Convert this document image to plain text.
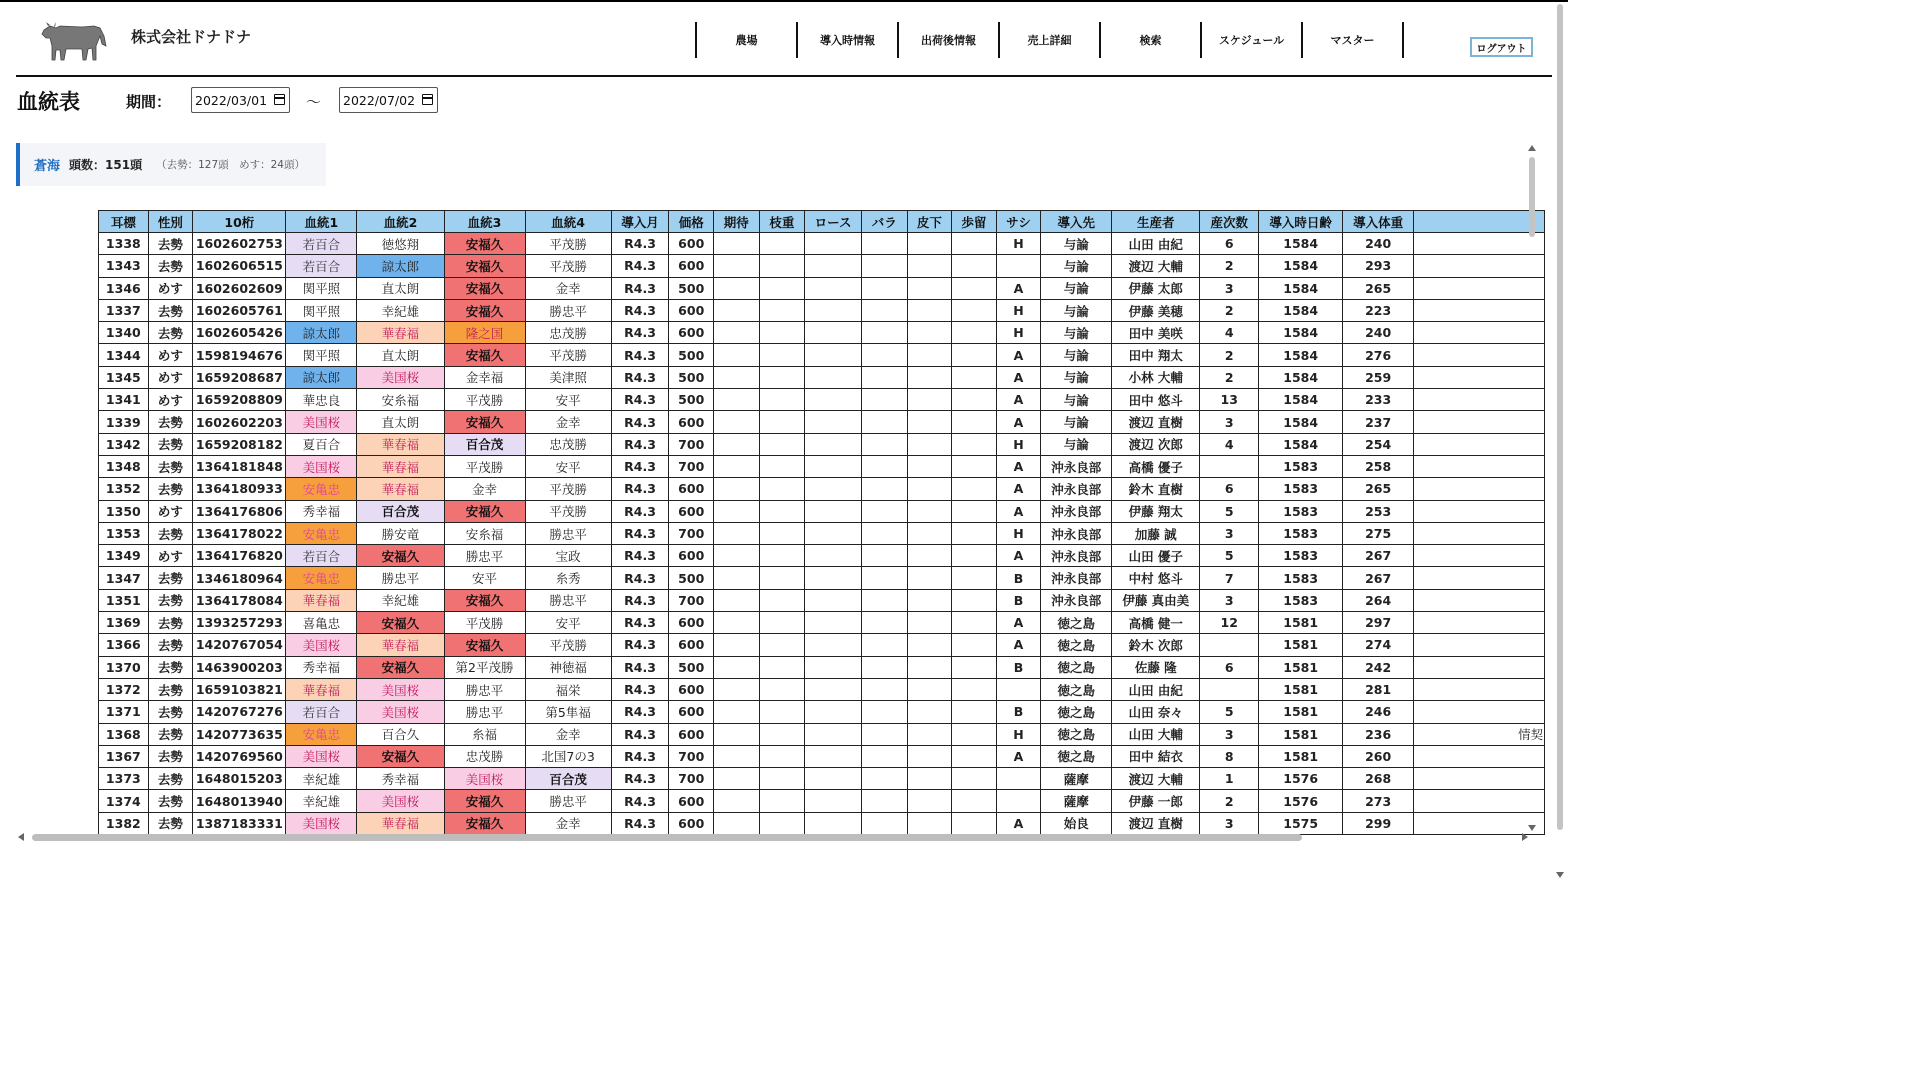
株式会社ドナドナ	農場	導入時情報	出荷後情報	売上詳細	検索	スケジュール	マスター
ログアウト
血統表	期間： 2022/03/01	～ 2022/07/02
蒼海 頭数：151頭 （去勢：127頭　めす：24頭）
耳標	性別	10桁	血統1	血統2	血統3	血統4	導入月	価格	期待	枝重	ロース	バラ	皮下	歩留	サシ	導入先	生産者	産次数	導入時日齢	導入体重	
1338	去勢	1602602753	若百合	徳悠翔	安福久	平茂勝	R4.3	600							H	与論	山田 由紀	6	1584	240	
1343	去勢	1602606515	若百合	諒太郎	安福久	平茂勝	R4.3	600								与論	渡辺 大輔	2	1584	293	
1346	めす	1602602609	関平照	直太朗	安福久	金幸	R4.3	500							A	与論	伊藤 太郎	3	1584	265	
1337	去勢	1602605761	関平照	幸紀雄	安福久	勝忠平	R4.3	600							H	与論	伊藤 美穂	2	1584	223	
1340	去勢	1602605426	諒太郎	華春福	隆之国	忠茂勝	R4.3	600							H	与論	田中 美咲	4	1584	240	
1344	めす	1598194676	関平照	直太朗	安福久	平茂勝	R4.3	500							A	与論	田中 翔太	2	1584	276	
1345	めす	1659208687	諒太郎	美国桜	金幸福	美津照	R4.3	500							A	与論	小林 大輔	2	1584	259	
1341	めす	1659208809	華忠良	安糸福	平茂勝	安平	R4.3	500							A	与論	田中 悠斗	13	1584	233	
1339	去勢	1602602203	美国桜	直太朗	安福久	金幸	R4.3	600							A	与論	渡辺 直樹	3	1584	237	
1342	去勢	1659208182	夏百合	華春福	百合茂	忠茂勝	R4.3	700							H	与論	渡辺 次郎	4	1584	254	
1348	去勢	1364181848	美国桜	華春福	平茂勝	安平	R4.3	700							A	沖永良部	高橋 優子		1583	258	
1352	去勢	1364180933	安亀忠	華春福	金幸	平茂勝	R4.3	600							A	沖永良部	鈴木 直樹	6	1583	265	
1350	めす	1364176806	秀幸福	百合茂	安福久	平茂勝	R4.3	600							A	沖永良部	伊藤 翔太	5	1583	253	
1353	去勢	1364178022	安亀忠	勝安竜	安糸福	勝忠平	R4.3	700							H	沖永良部	加藤 誠	3	1583	275	
1349	めす	1364176820	若百合	安福久	勝忠平	宝政	R4.3	600							A	沖永良部	山田 優子	5	1583	267	
1347	去勢	1346180964	安亀忠	勝忠平	安平	糸秀	R4.3	500							B	沖永良部	中村 悠斗	7	1583	267	
1351	去勢	1364178084	華春福	幸紀雄	安福久	勝忠平	R4.3	700							B	沖永良部	伊藤 真由美	3	1583	264	
1369	去勢	1393257293	喜亀忠	安福久	平茂勝	安平	R4.3	600							A	徳之島	高橋 健一	12	1581	297	
1366	去勢	1420767054	美国桜	華春福	安福久	平茂勝	R4.3	600							A	徳之島	鈴木 次郎		1581	274	
1370	去勢	1463900203	秀幸福	安福久	第2平茂勝	神徳福	R4.3	500							B	徳之島	佐藤 隆	6	1581	242	
1372	去勢	1659103821	華春福	美国桜	勝忠平	福栄	R4.3	600								徳之島	山田 由紀		1581	281	
1371	去勢	1420767276	若百合	美国桜	勝忠平	第5隼福	R4.3	600							B	徳之島	山田 奈々	5	1581	246	
1368	去勢	1420773635	安亀忠	百合久	糸福	金幸	R4.3	600							H	徳之島	山田 大輔	3	1581	236	情契
1367	去勢	1420769560	美国桜	安福久	忠茂勝	北国7の3	R4.3	700							A	徳之島	田中 結衣	8	1581	260	
1373	去勢	1648015203	幸紀雄	秀幸福	美国桜	百合茂	R4.3	700								薩摩	渡辺 大輔	1	1576	268	
1374	去勢	1648013940	幸紀雄	美国桜	安福久	勝忠平	R4.3	600								薩摩	伊藤 一郎	2	1576	273	
1382	去勢	1387183331	美国桜	華春福	安福久	金幸	R4.3	600							A	始良	渡辺 直樹	3	1575	299	
